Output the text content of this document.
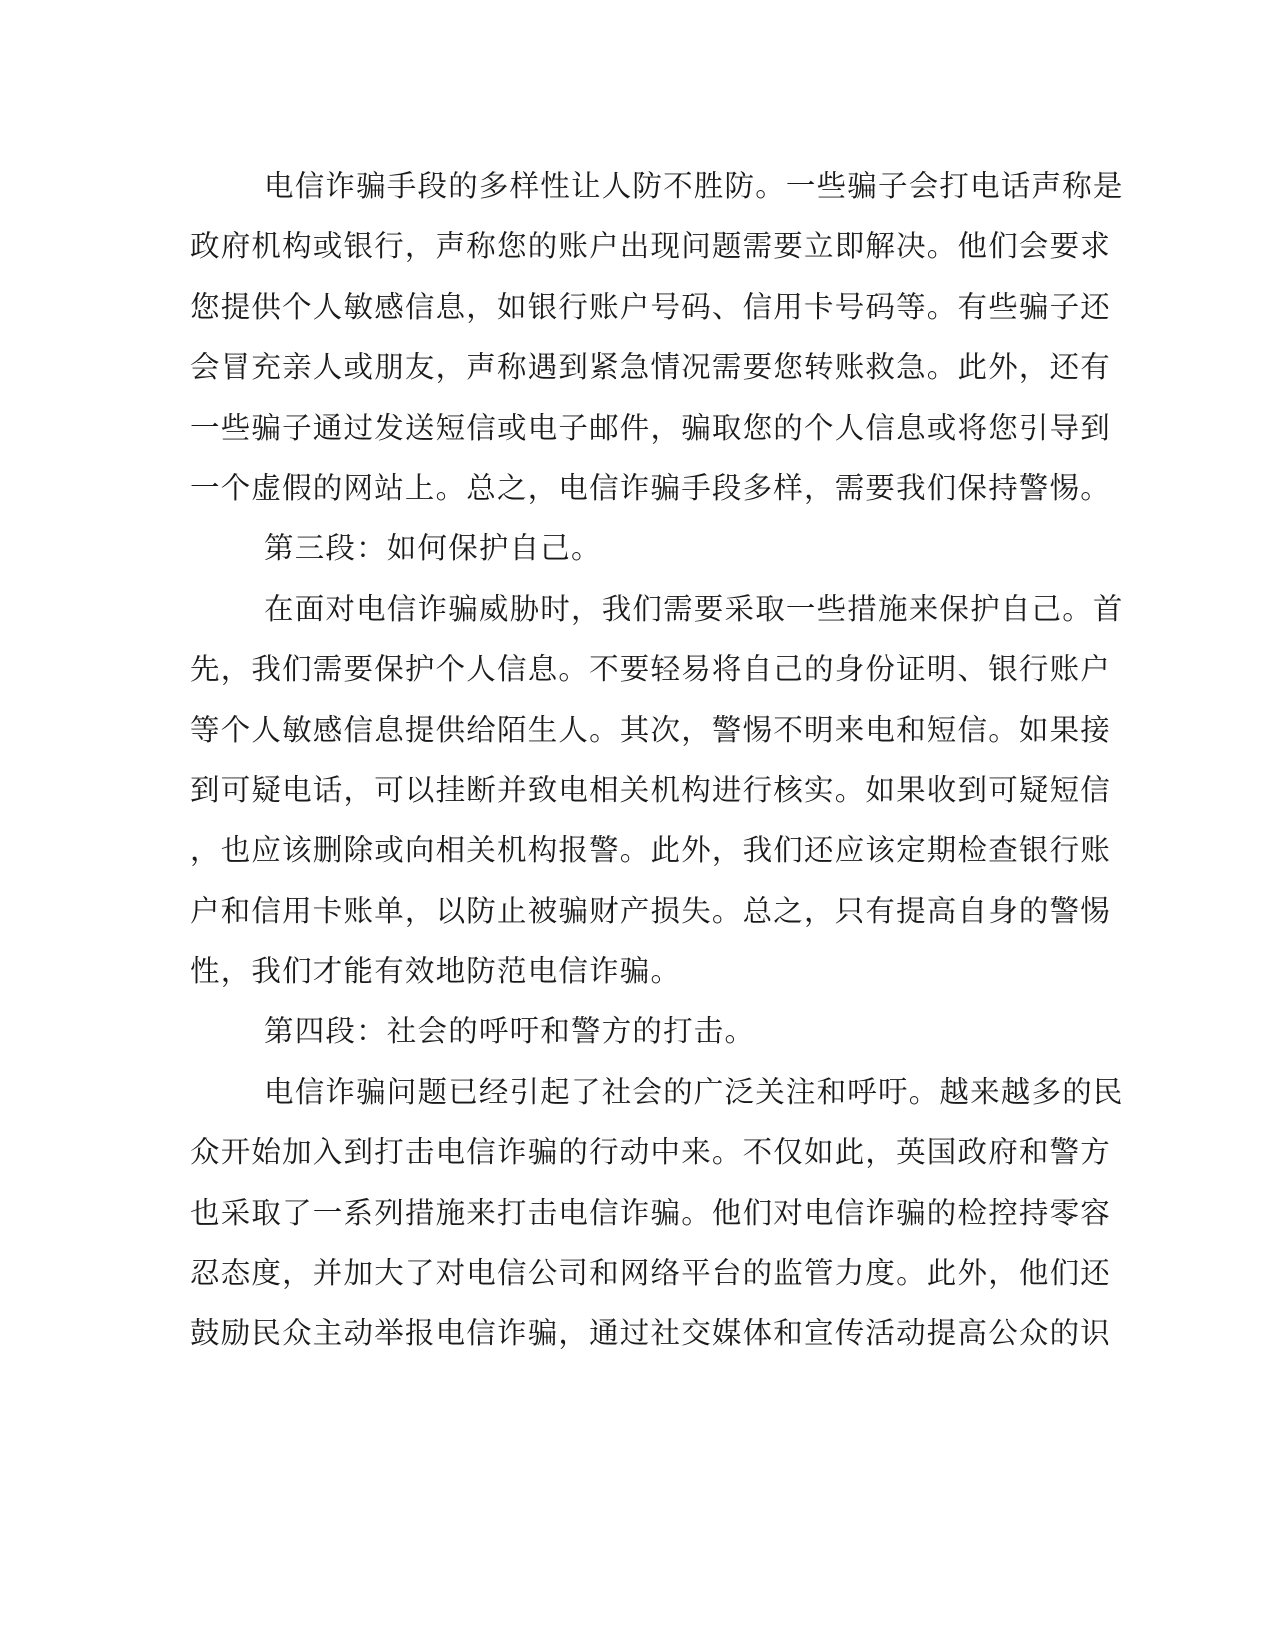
电信诈骗手段的多样性让人防不胜防。一些骗子会打电话声称是
政府机构或银行，声称您的账户出现问题需要立即解决。他们会要求
您提供个人敏感信息，如银行账户号码、信用卡号码等。有些骗子还
会冒充亲人或朋友，声称遇到紧急情况需要您转账救急。此外，还有
一些骗子通过发送短信或电子邮件，骗取您的个人信息或将您引导到
一个虚假的网站上。总之，电信诈骗手段多样，需要我们保持警惕。
第三段：如何保护自己。
在面对电信诈骗威胁时，我们需要采取一些措施来保护自己。首
先，我们需要保护个人信息。不要轻易将自己的身份证明、银行账户
等个人敏感信息提供给陌生人。其次，警惕不明来电和短信。如果接
到可疑电话，可以挂断并致电相关机构进行核实。如果收到可疑短信
，也应该删除或向相关机构报警。此外，我们还应该定期检查银行账
户和信用卡账单，以防止被骗财产损失。总之，只有提高自身的警惕
性，我们才能有效地防范电信诈骗。
第四段：社会的呼吁和警方的打击。
电信诈骗问题已经引起了社会的广泛关注和呼吁。越来越多的民
众开始加入到打击电信诈骗的行动中来。不仅如此，英国政府和警方
也采取了一系列措施来打击电信诈骗。他们对电信诈骗的检控持零容
忍态度，并加大了对电信公司和网络平台的监管力度。此外，他们还
鼓励民众主动举报电信诈骗，通过社交媒体和宣传活动提高公众的识
